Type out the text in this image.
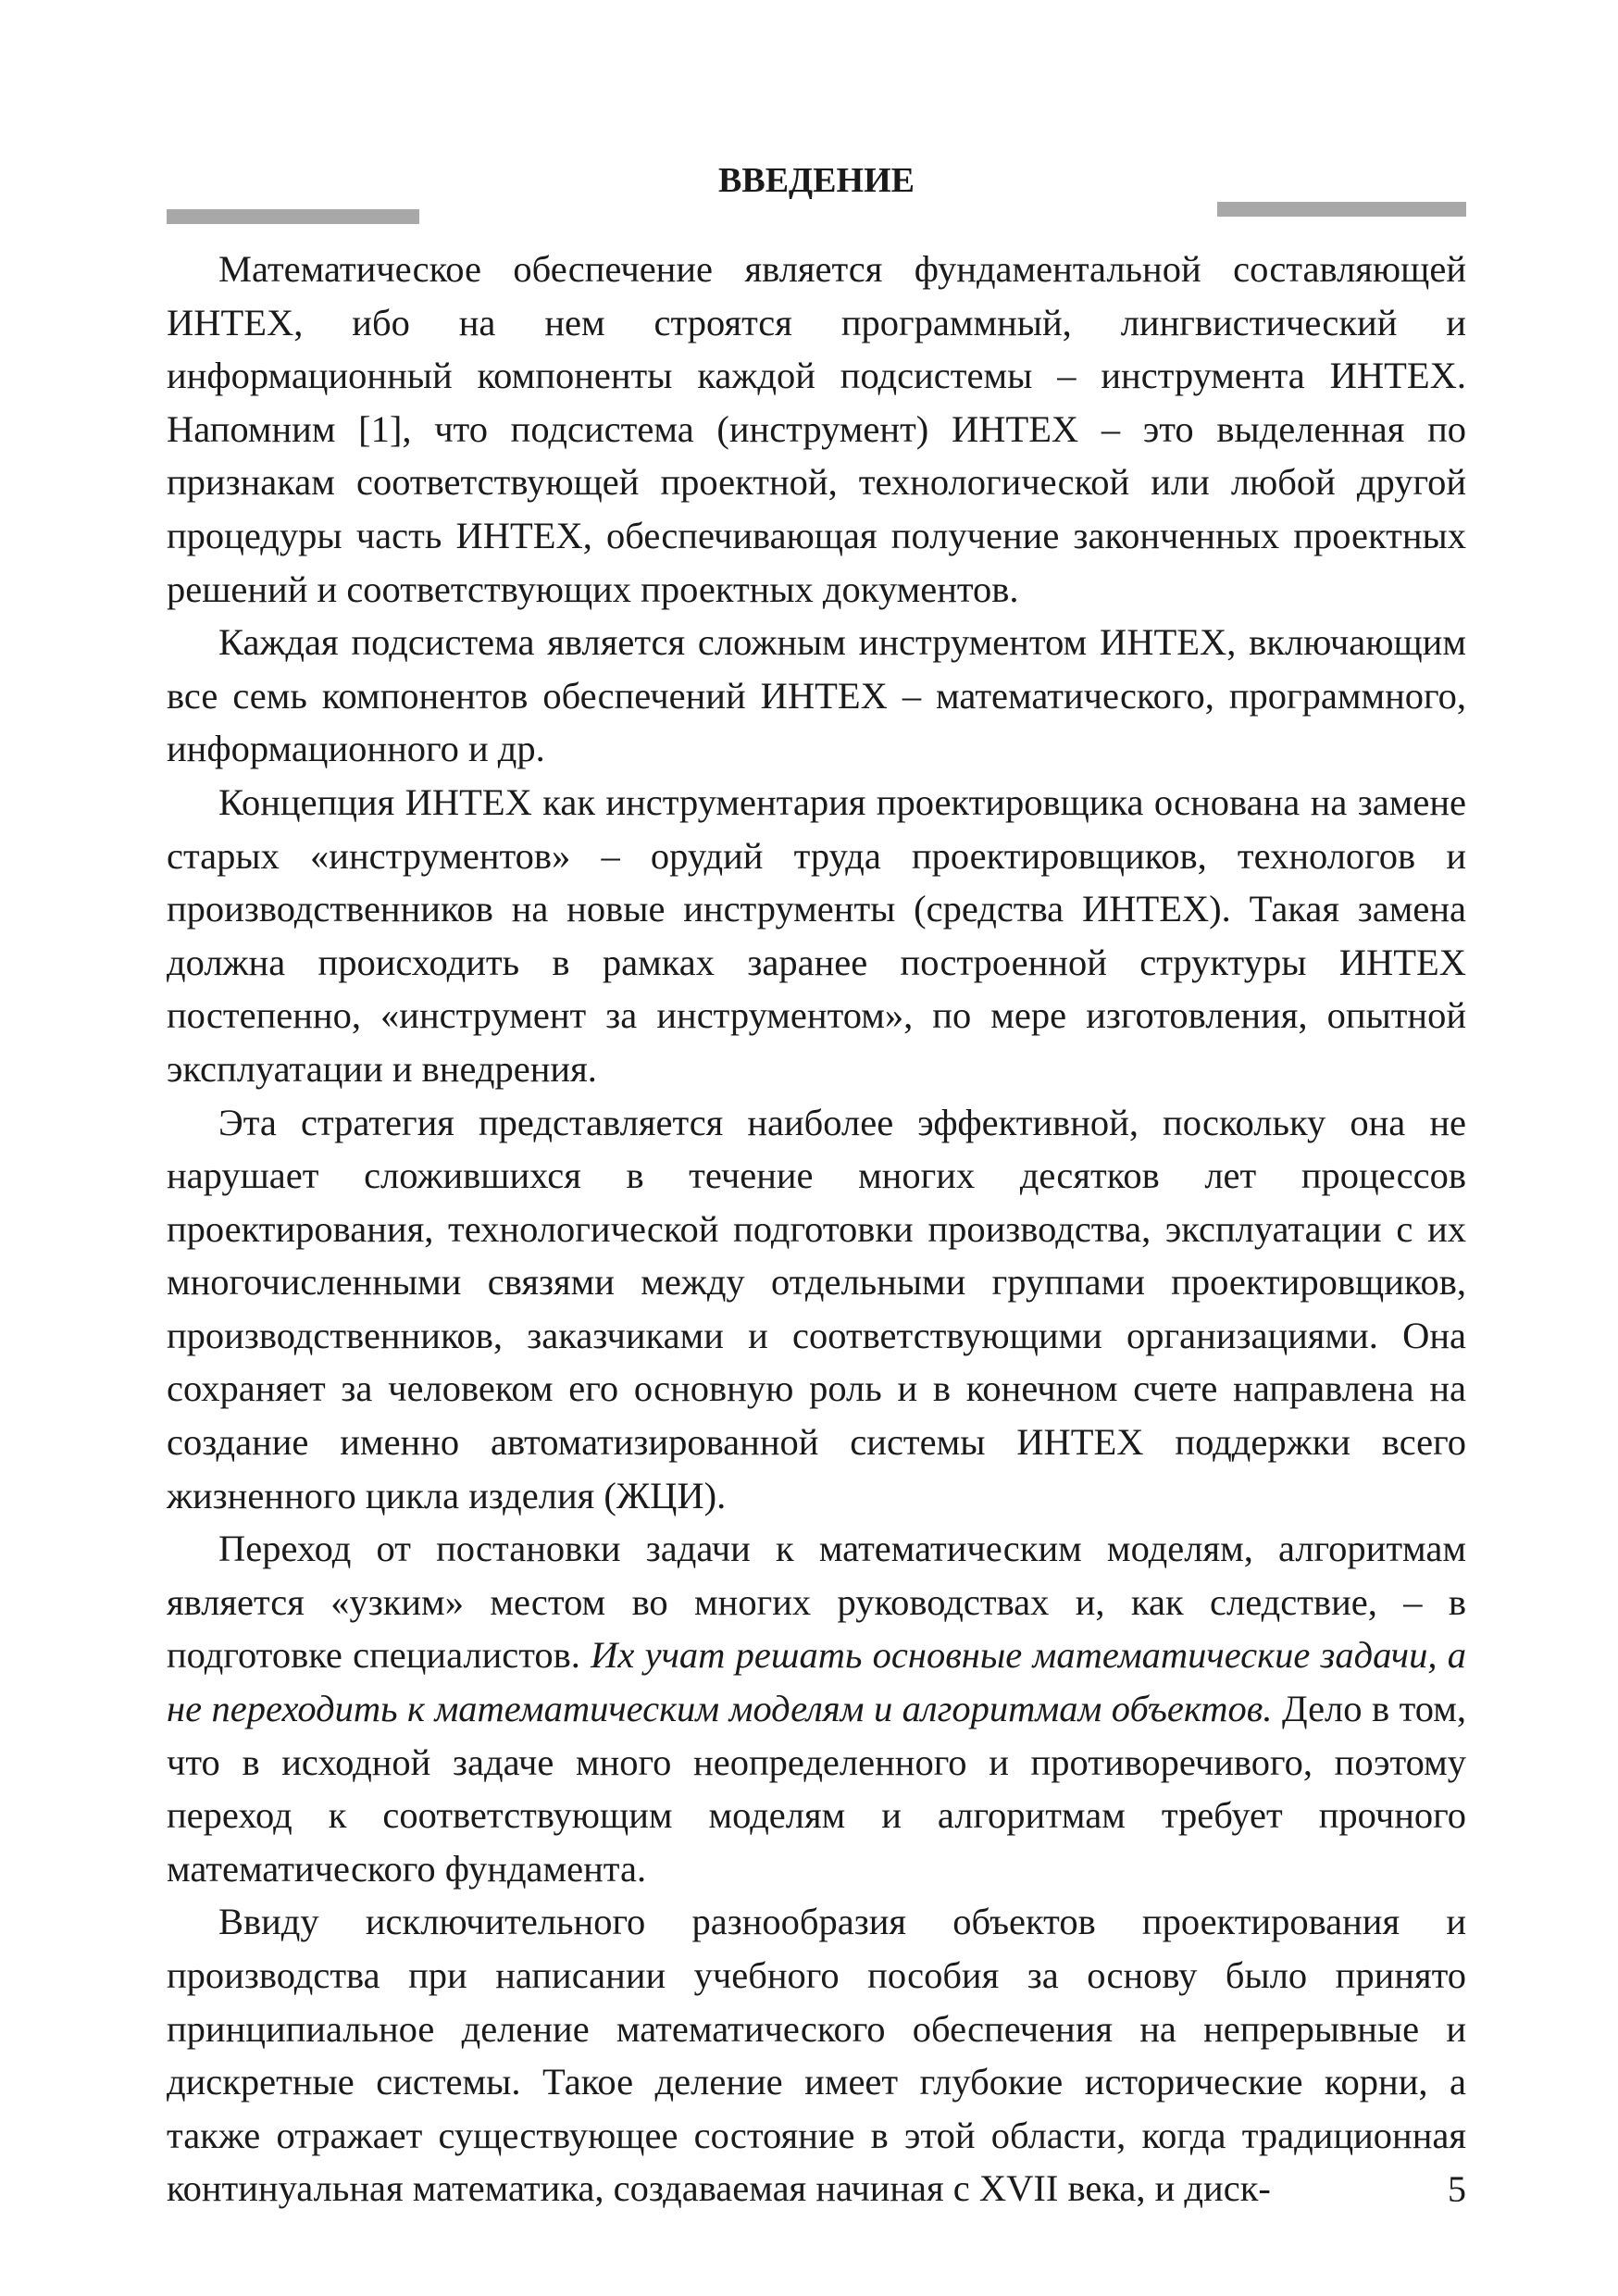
ВВЕДЕНИЕ

Математическое обеспечение является фундаментальной составляющей ИНТЕХ, ибо на нем строятся программный, лингвистический и информационный компоненты каждой подсистемы – инструмента ИНТЕХ. Напомним [1], что подсистема (инструмент) ИНТЕХ – это выделенная по признакам соответствующей проектной, технологической или любой другой процедуры часть ИНТЕХ, обеспечивающая получение законченных проектных решений и соответствующих проектных документов.

Каждая подсистема является сложным инструментом ИНТЕХ, включающим все семь компонентов обеспечений ИНТЕХ – математического, программного, информационного и др.

Концепция ИНТЕХ как инструментария проектировщика основана на замене старых «инструментов» – орудий труда проектировщиков, технологов и производственников на новые инструменты (средства ИНТЕХ). Такая замена должна происходить в рамках заранее построенной структуры ИНТЕХ постепенно, «инструмент за инструментом», по мере изготовления, опытной эксплуатации и внедрения.

Эта стратегия представляется наиболее эффективной, поскольку она не нарушает сложившихся в течение многих десятков лет процессов проектирования, технологической подготовки производства, эксплуатации с их многочисленными связями между отдельными группами проектировщиков, производственников, заказчиками и соответствующими организациями. Она сохраняет за человеком его основную роль и в конечном счете направлена на создание именно автоматизированной системы ИНТЕХ поддержки всего жизненного цикла изделия (ЖЦИ).

Переход от постановки задачи к математическим моделям, алгоритмам является «узким» местом во многих руководствах и, как следствие, – в подготовке специалистов. Их учат решать основные математические задачи, а не переходить к математическим моделям и алгоритмам объектов. Дело в том, что в исходной задаче много неопределенного и противоречивого, поэтому переход к соответствующим моделям и алгоритмам требует прочного математического фундамента.

Ввиду исключительного разнообразия объектов проектирования и производства при написании учебного пособия за основу было принято принципиальное деление математического обеспечения на непрерывные и дискретные системы. Такое деление имеет глубокие исторические корни, а также отражает существующее состояние в этой области, когда традиционная континуальная математика, создаваемая начиная с XVII века, и диск-	5
